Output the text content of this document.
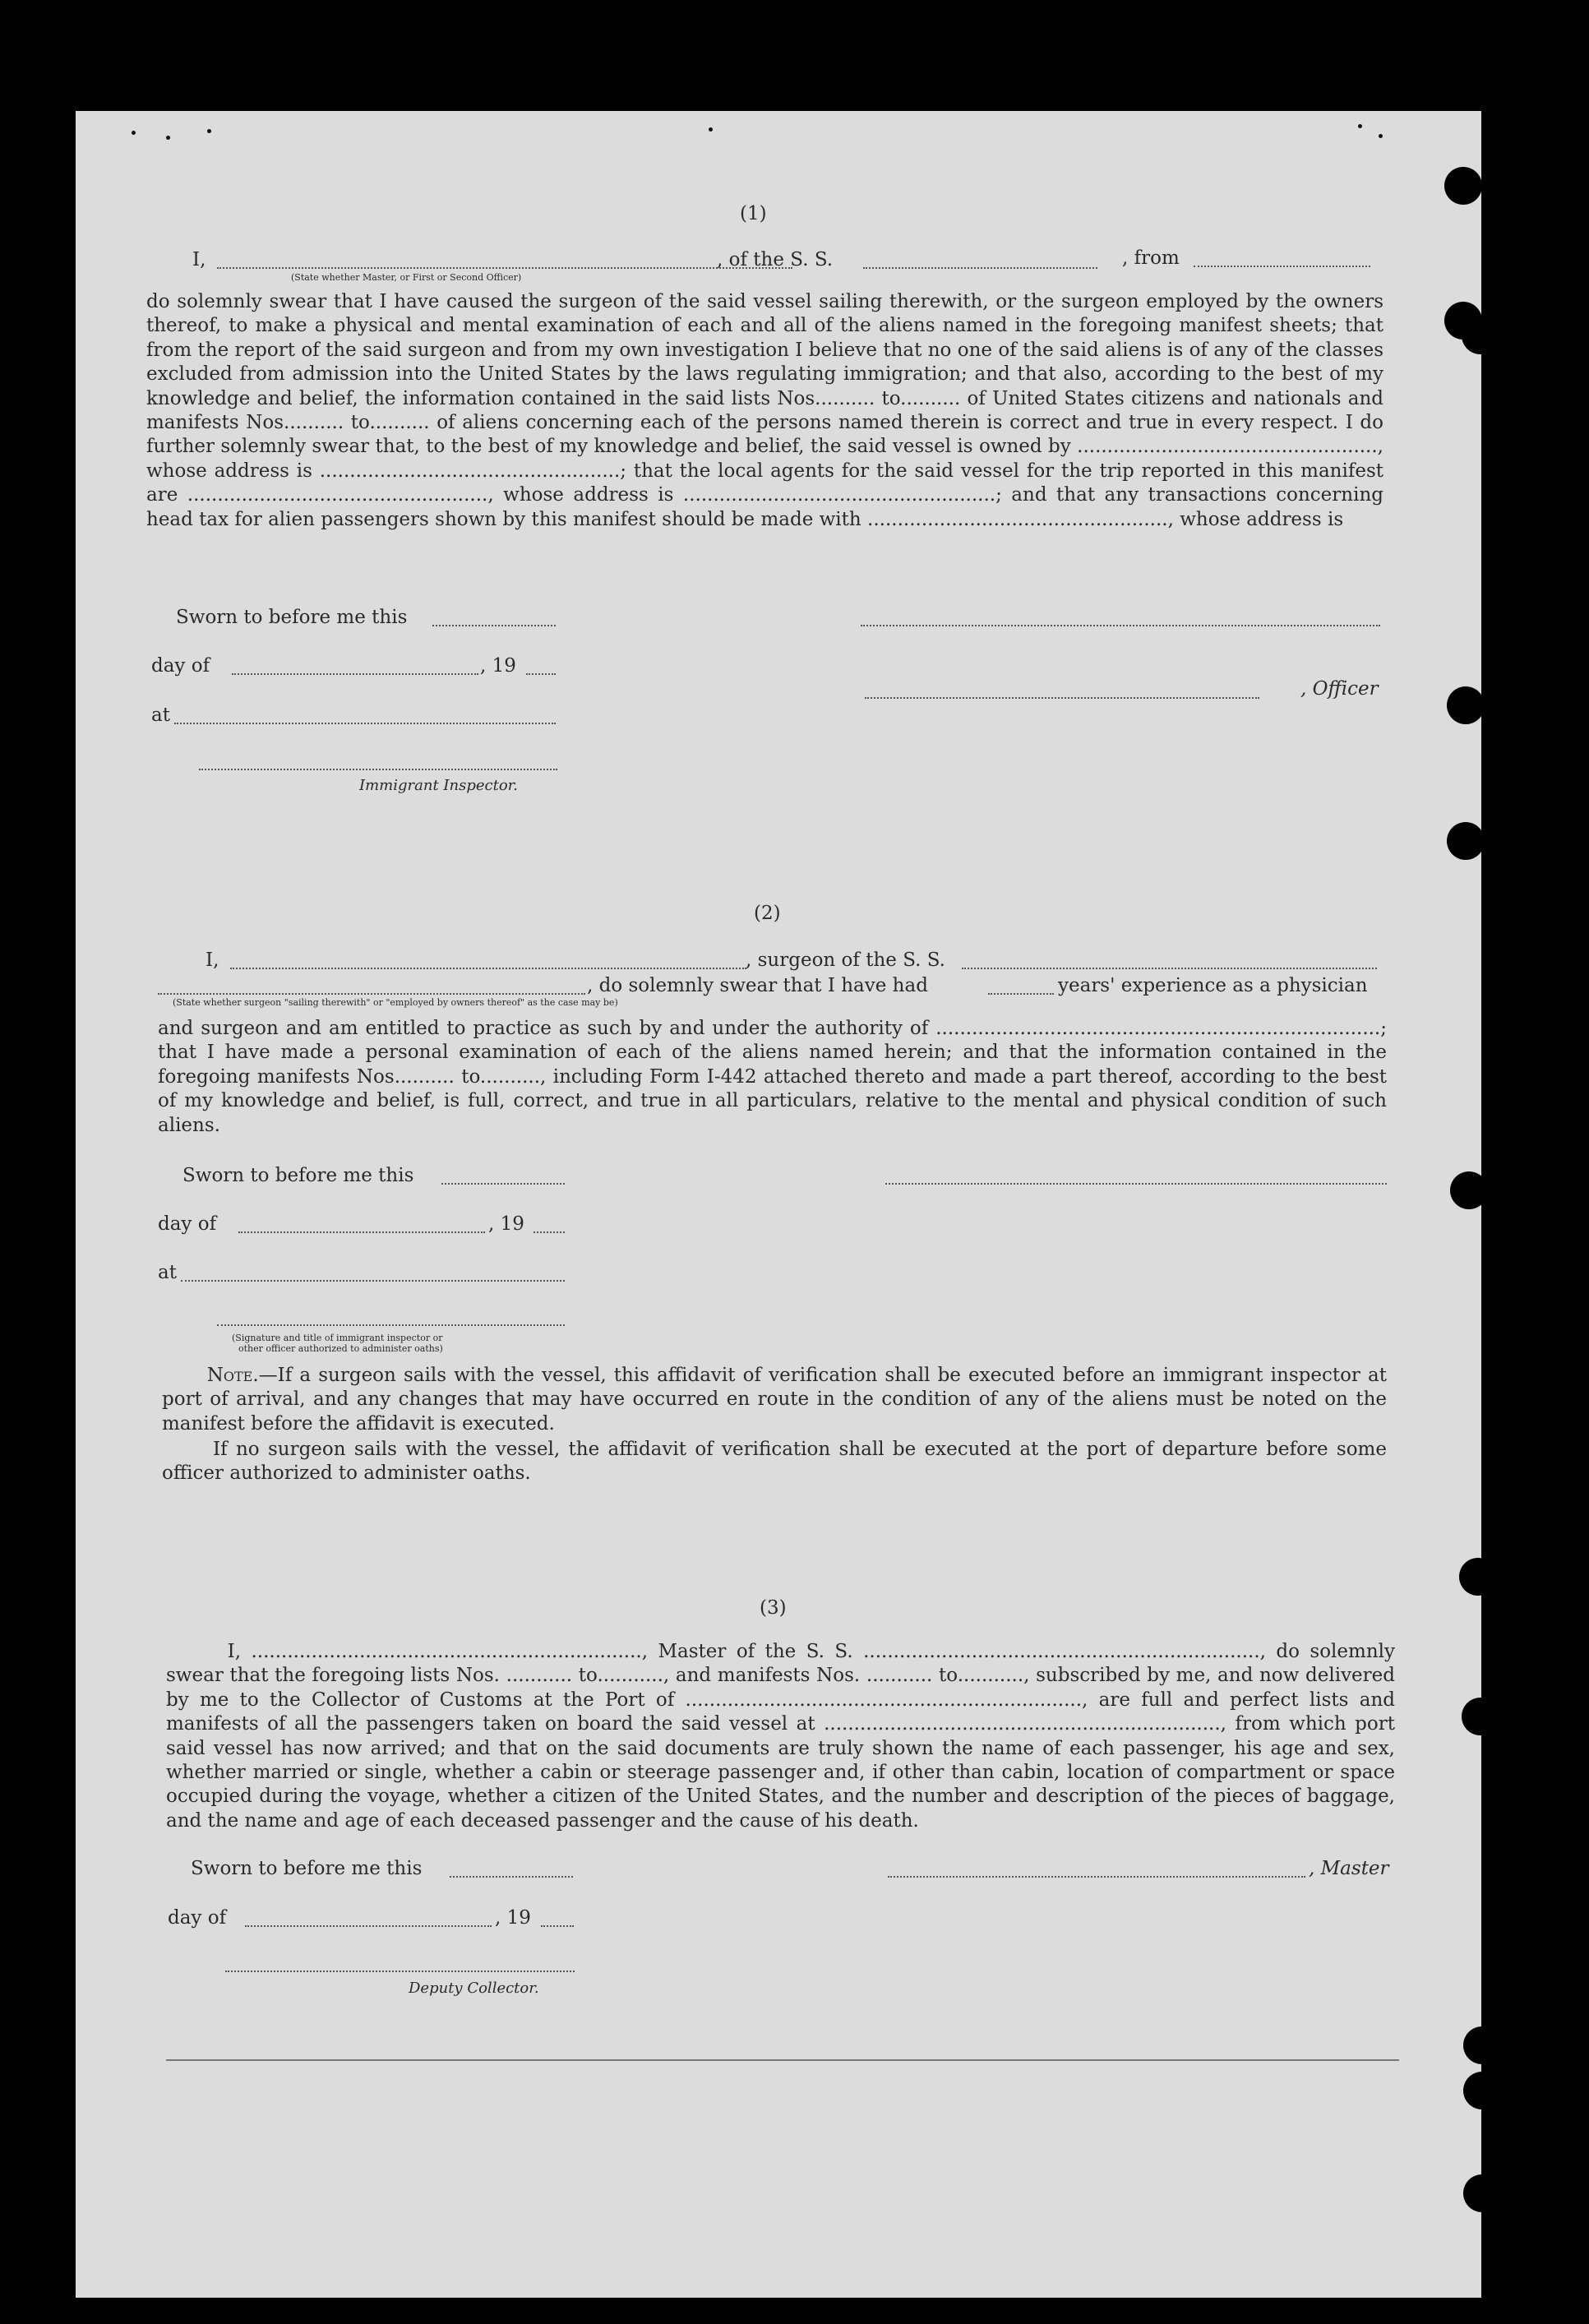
(1)
I,	, of the S. S.	, from
(State whether Master, or First or Second Officer)
do solemnly swear that I have caused the surgeon of the said vessel sailing therewith, or the surgeon employed by the owners thereof, to make a physical and mental examination of each and all of the aliens named in the foregoing manifest sheets; that from the report of the said surgeon and from my own investigation I believe that no one of the said aliens is of any of the classes excluded from admission into the United States by the laws regulating immigration; and that also, according to the best of my knowledge and belief, the information contained in the said lists Nos.......... to.......... of United States citizens and nationals and manifests Nos.......... to.......... of aliens concerning each of the persons named therein is correct and true in every respect. I do further solemnly swear that, to the best of my knowledge and belief, the said vessel is owned by .................................................., whose address is ..................................................; that the local agents for the said vessel for the trip reported in this manifest are .................................................., whose address is ....................................................; and that any transactions concerning head tax for alien passengers shown by this manifest should be made with .................................................., whose address is
Sworn to before me this
day of	, 19
at
, Officer
Immigrant Inspector.
(2)
I,	, surgeon of the S. S.
, do solemnly swear that I have had	years' experience as a physician
(State whether surgeon "sailing therewith" or "employed by owners thereof" as the case may be)
and surgeon and am entitled to practice as such by and under the authority of ..........................................................................; that I have made a personal examination of each of the aliens named herein; and that the information contained in the foregoing manifests Nos.......... to.........., including Form I-442 attached thereto and made a part thereof, according to the best of my knowledge and belief, is full, correct, and true in all particulars, relative to the mental and physical condition of such aliens.
Sworn to before me this
day of	, 19
at
(Signature and title of immigrant inspector or
other officer authorized to administer oaths)
Note.—If a surgeon sails with the vessel, this affidavit of verification shall be executed before an immigrant inspector at port of arrival, and any changes that may have occurred en route in the condition of any of the aliens must be noted on the manifest before the affidavit is executed.
If no surgeon sails with the vessel, the affidavit of verification shall be executed at the port of departure before some officer authorized to administer oaths.
(3)
I, ................................................................., Master of the S. S. .................................................................., do solemnly swear that the foregoing lists Nos. ........... to..........., and manifests Nos. ........... to..........., subscribed by me, and now delivered by me to the Collector of Customs at the Port of .................................................................., are full and perfect lists and manifests of all the passengers taken on board the said vessel at .................................................................., from which port said vessel has now arrived; and that on the said documents are truly shown the name of each passenger, his age and sex, whether married or single, whether a cabin or steerage passenger and, if other than cabin, location of compartment or space occupied during the voyage, whether a citizen of the United States, and the number and description of the pieces of baggage, and the name and age of each deceased passenger and the cause of his death.
Sworn to before me this	, Master
day of	, 19
Deputy Collector.
